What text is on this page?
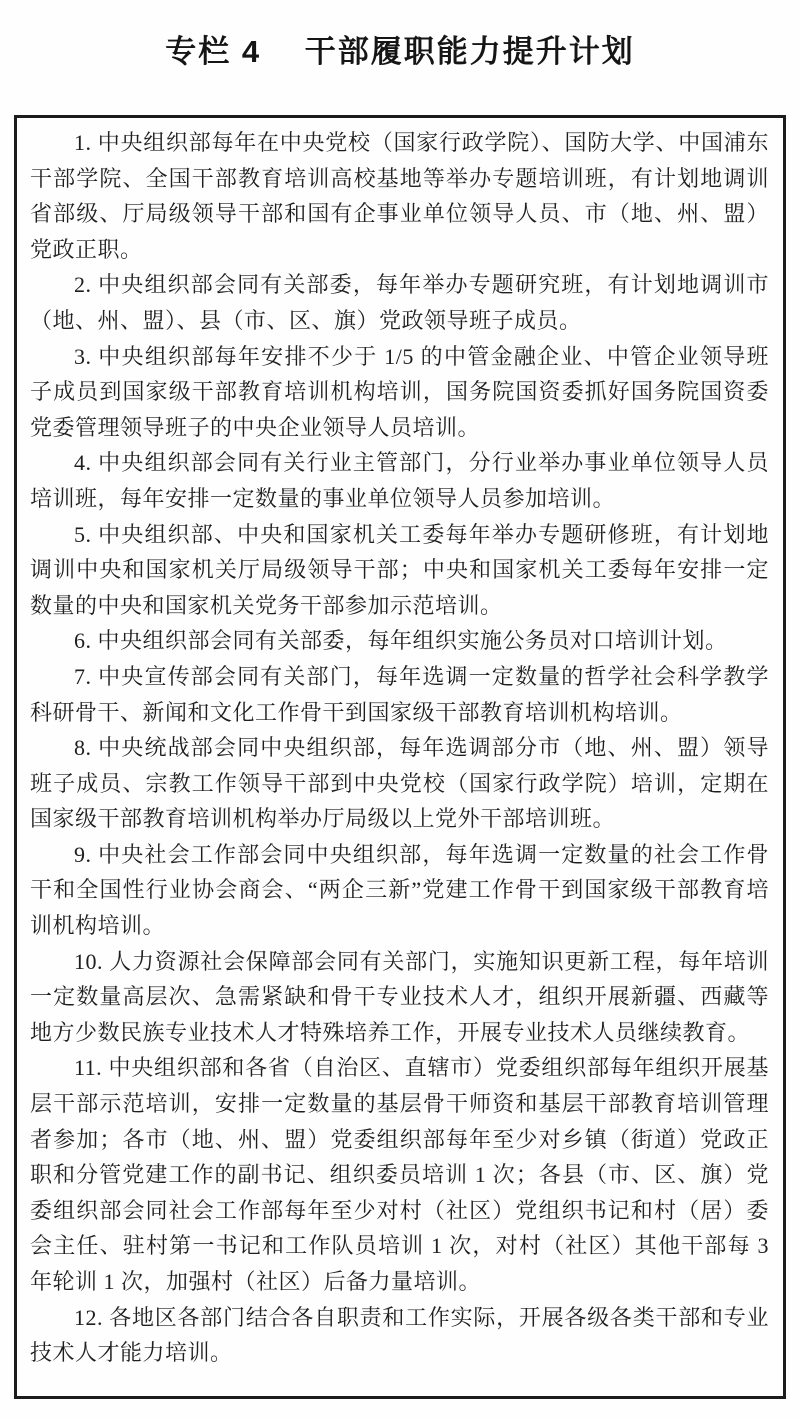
专栏 4　 干部履职能力提升计划

1. 中央组织部每年在中央党校（国家行政学院）、国防大学、中国浦东干部学院、全国干部教育培训高校基地等举办专题培训班，有计划地调训省部级、厅局级领导干部和国有企事业单位领导人员、市（地、州、盟）党政正职。

2. 中央组织部会同有关部委，每年举办专题研究班，有计划地调训市（地、州、盟）、县（市、区、旗）党政领导班子成员。

3. 中央组织部每年安排不少于 1/5 的中管金融企业、中管企业领导班子成员到国家级干部教育培训机构培训，国务院国资委抓好国务院国资委党委管理领导班子的中央企业领导人员培训。

4. 中央组织部会同有关行业主管部门，分行业举办事业单位领导人员培训班，每年安排一定数量的事业单位领导人员参加培训。

5. 中央组织部、中央和国家机关工委每年举办专题研修班，有计划地调训中央和国家机关厅局级领导干部；中央和国家机关工委每年安排一定数量的中央和国家机关党务干部参加示范培训。

6. 中央组织部会同有关部委，每年组织实施公务员对口培训计划。

7. 中央宣传部会同有关部门，每年选调一定数量的哲学社会科学教学科研骨干、新闻和文化工作骨干到国家级干部教育培训机构培训。

8. 中央统战部会同中央组织部，每年选调部分市（地、州、盟）领导班子成员、宗教工作领导干部到中央党校（国家行政学院）培训，定期在国家级干部教育培训机构举办厅局级以上党外干部培训班。

9. 中央社会工作部会同中央组织部，每年选调一定数量的社会工作骨干和全国性行业协会商会、“两企三新”党建工作骨干到国家级干部教育培训机构培训。

10. 人力资源社会保障部会同有关部门，实施知识更新工程，每年培训一定数量高层次、急需紧缺和骨干专业技术人才，组织开展新疆、西藏等地方少数民族专业技术人才特殊培养工作，开展专业技术人员继续教育。

11. 中央组织部和各省（自治区、直辖市）党委组织部每年组织开展基层干部示范培训，安排一定数量的基层骨干师资和基层干部教育培训管理者参加；各市（地、州、盟）党委组织部每年至少对乡镇（街道）党政正职和分管党建工作的副书记、组织委员培训 1 次；各县（市、区、旗）党委组织部会同社会工作部每年至少对村（社区）党组织书记和村（居）委会主任、驻村第一书记和工作队员培训 1 次，对村（社区）其他干部每 3 年轮训 1 次，加强村（社区）后备力量培训。

12. 各地区各部门结合各自职责和工作实际，开展各级各类干部和专业技术人才能力培训。
